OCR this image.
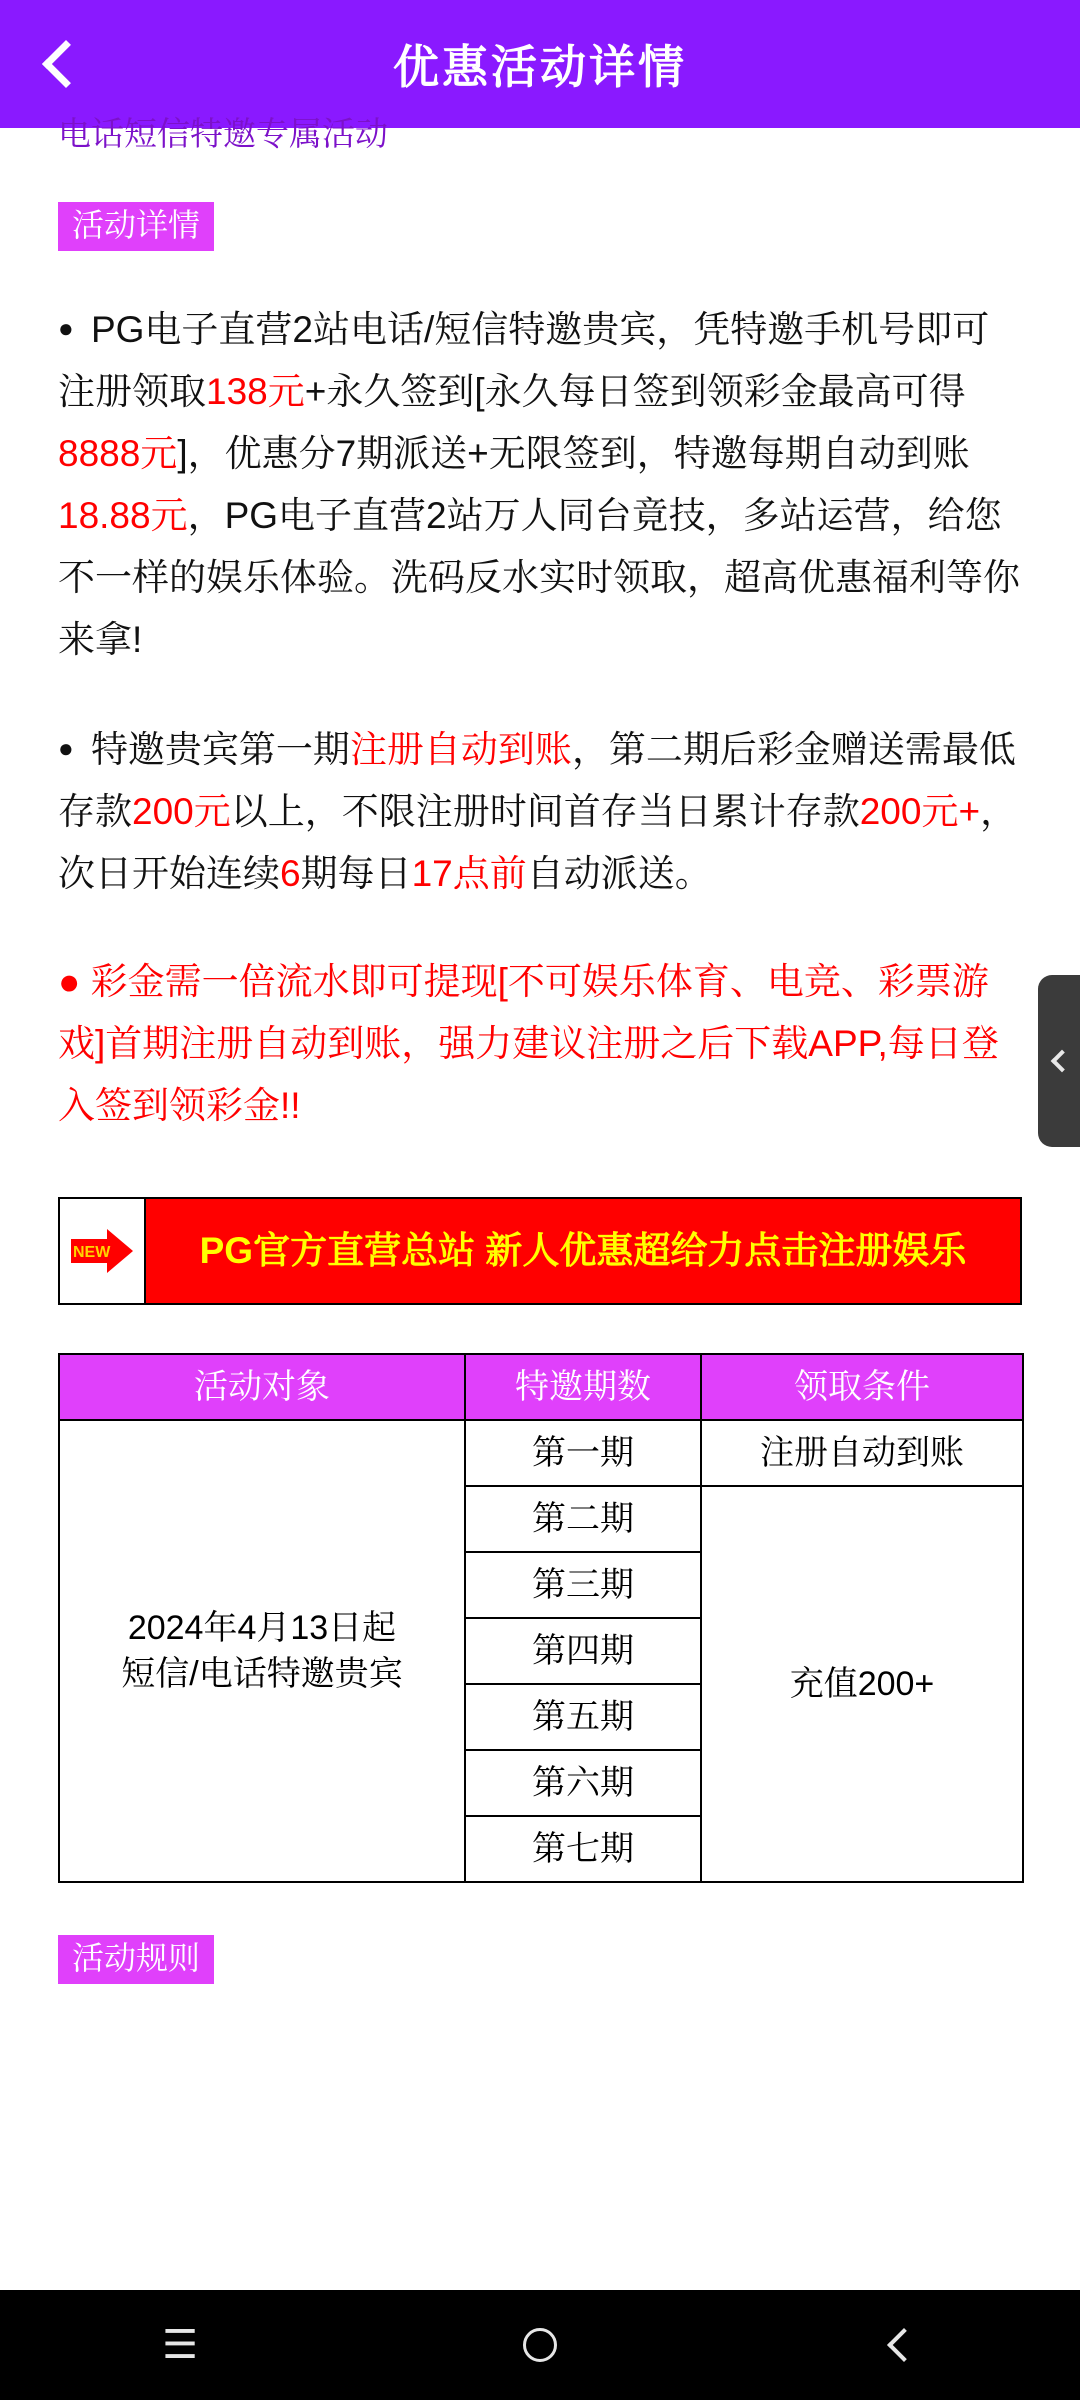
优惠活动详情
电话短信特邀专属活动
活动详情
● PG电子直营2站电话/短信特邀贵宾，凭特邀手机号即可注册领取138元+永久签到[永久每日签到领彩金最高可得8888元]，优惠分7期派送+无限签到，特邀每期自动到账18.88元，PG电子直营2站万人同台竟技，多站运营，给您不一样的娱乐体验。洗码反水实时领取，超高优惠福利等你来拿!
● 特邀贵宾第一期注册自动到账，第二期后彩金赠送需最低存款200元以上，不限注册时间首存当日累计存款200元+，次日开始连续6期每日17点前自动派送。
● 彩金需一倍流水即可提现[不可娱乐体育、电竞、彩票游戏]首期注册自动到账，强力建议注册之后下载APP,每日登入签到领彩金!!
NEW	PG官方直营总站 新人优惠超给力点击注册娱乐
活动对象	特邀期数	领取条件
2024年4月13日起
短信/电话特邀贵宾	第一期	注册自动到账
	第二期	充值200+
	第三期	
	第四期	
	第五期	
	第六期	
	第七期	
活动规则
☰
